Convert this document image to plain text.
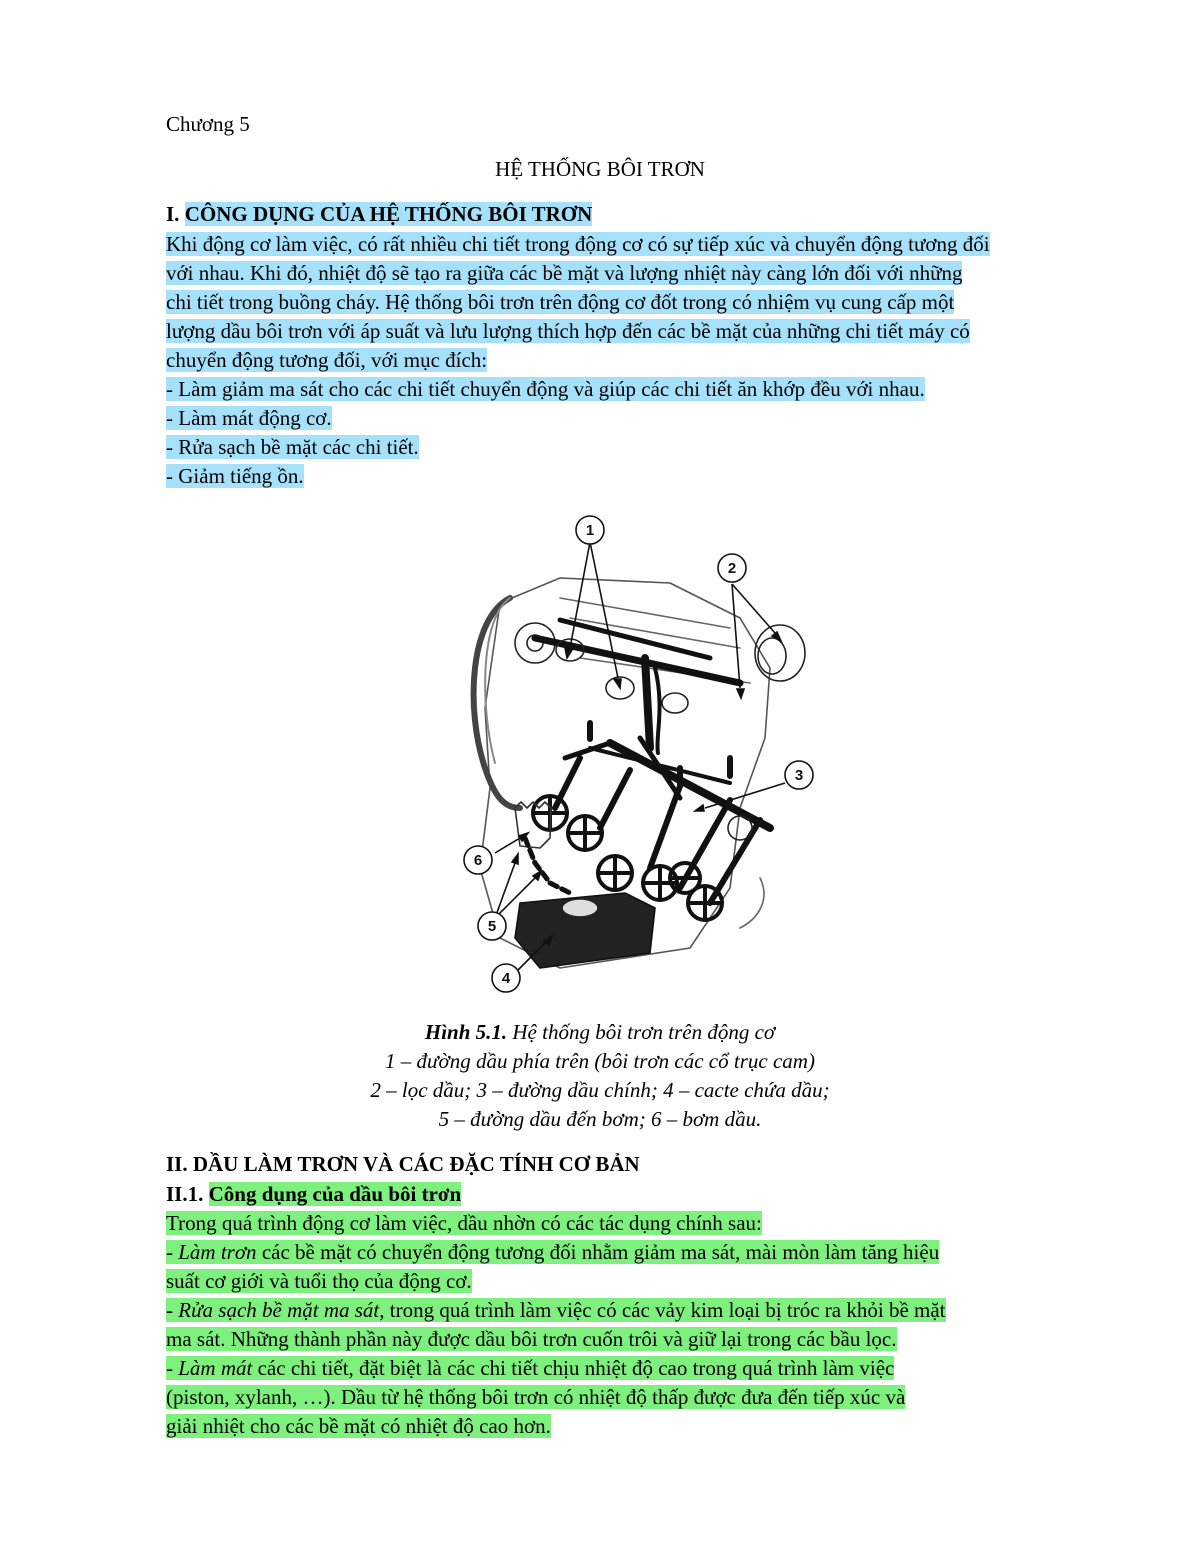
Chương 5
HỆ THỐNG BÔI TRƠN
I. CÔNG DỤNG CỦA HỆ THỐNG BÔI TRƠN
Khi động cơ làm việc, có rất nhiều chi tiết trong động cơ có sự tiếp xúc và chuyển động tương đối
với nhau. Khi đó, nhiệt độ sẽ tạo ra giữa các bề mặt và lượng nhiệt này càng lớn đối với những
chi tiết trong buồng cháy. Hệ thống bôi trơn trên động cơ đốt trong có nhiệm vụ cung cấp một
lượng dầu bôi trơn với áp suất và lưu lượng thích hợp đến các bề mặt của những chi tiết máy có
chuyển động tương đối, với mục đích:
- Làm giảm ma sát cho các chi tiết chuyển động và giúp các chi tiết ăn khớp đều với nhau.
- Làm mát động cơ.
- Rửa sạch bề mặt các chi tiết.
- Giảm tiếng ồn.
1
2
3
4
5
6
Hình 5.1. Hệ thống bôi trơn trên động cơ
1 – đường dầu phía trên (bôi trơn các cổ trục cam)
2 – lọc dầu; 3 – đường dầu chính; 4 – cacte chứa dầu;
5 – đường dầu đến bơm; 6 – bơm dầu.
II. DẦU LÀM TRƠN VÀ CÁC ĐẶC TÍNH CƠ BẢN
II.1. Công dụng của dầu bôi trơn
Trong quá trình động cơ làm việc, dầu nhờn có các tác dụng chính sau:
- Làm trơn các bề mặt có chuyển động tương đối nhằm giảm ma sát, mài mòn làm tăng hiệu
suất cơ giới và tuổi thọ của động cơ.
- Rửa sạch bề mặt ma sát, trong quá trình làm việc có các vảy kim loại bị tróc ra khỏi bề mặt
ma sát. Những thành phần này được dầu bôi trơn cuốn trôi và giữ lại trong các bầu lọc.
- Làm mát các chi tiết, đặt biệt là các chi tiết chịu nhiệt độ cao trong quá trình làm việc
(piston, xylanh, …). Dầu từ hệ thống bôi trơn có nhiệt độ thấp được đưa đến tiếp xúc và
giải nhiệt cho các bề mặt có nhiệt độ cao hơn.
